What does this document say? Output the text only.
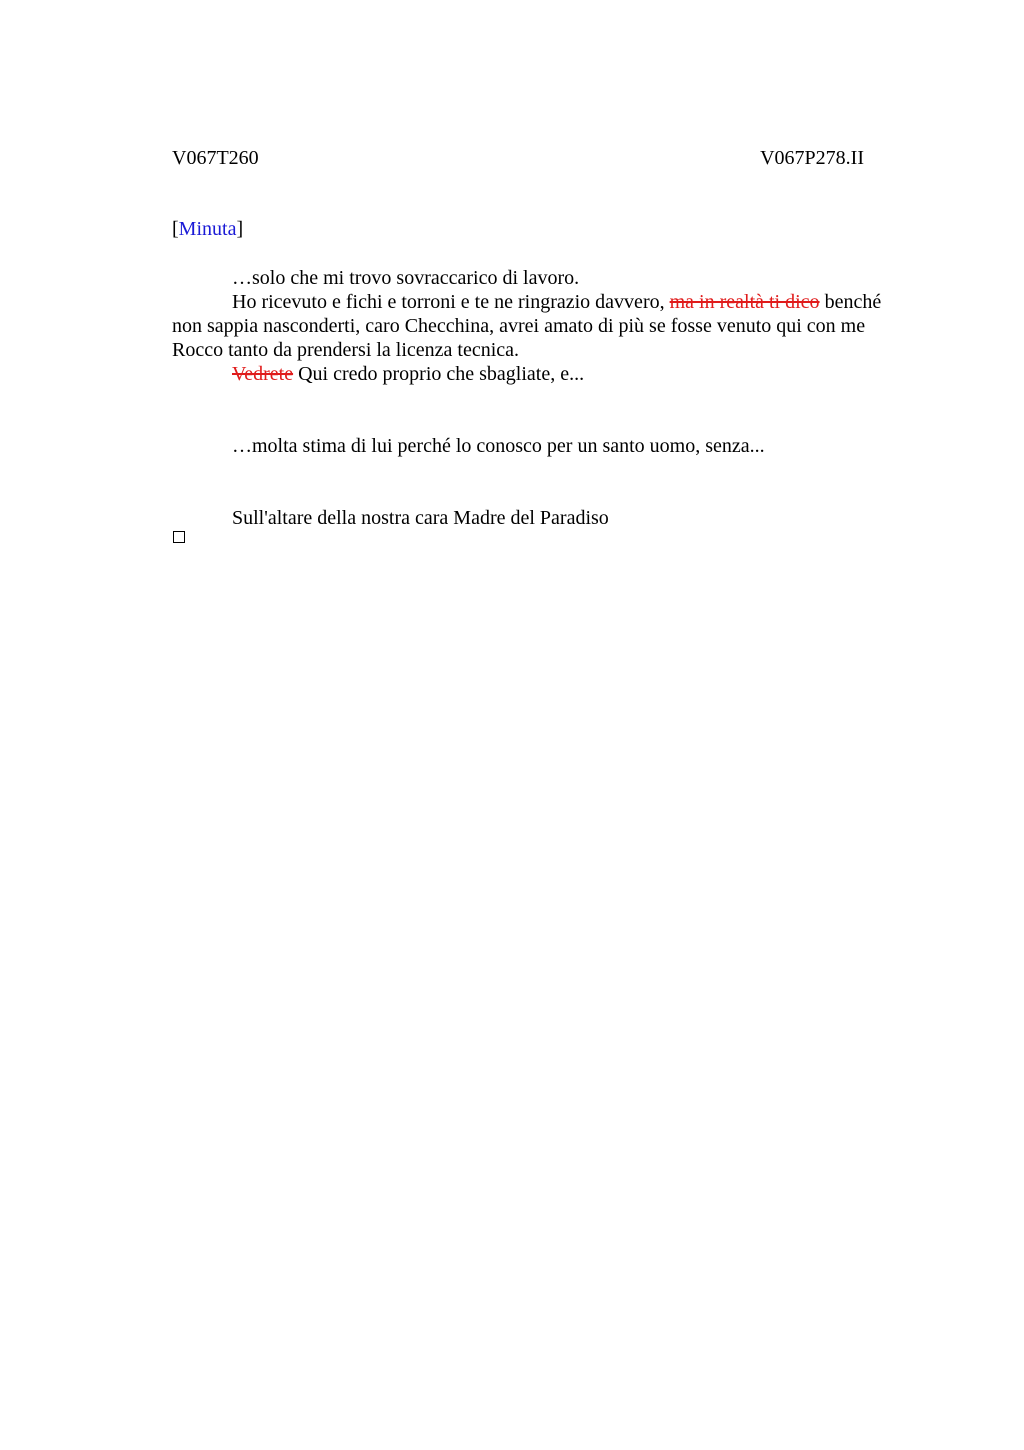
V067T260	V067P278.II
[Minuta]

…solo che mi trovo sovraccarico di lavoro.

Ho ricevuto e fichi e torroni e te ne ringrazio davvero, ma in realtà ti dico benché non sappia nasconderti, caro Checchina, avrei amato di più se fosse venuto qui con me Rocco tanto da prendersi la licenza tecnica.

Vedrete Qui credo proprio che sbagliate, e...

…molta stima di lui perché lo conosco per un santo uomo, senza...

Sull'altare della nostra cara Madre del Paradiso
